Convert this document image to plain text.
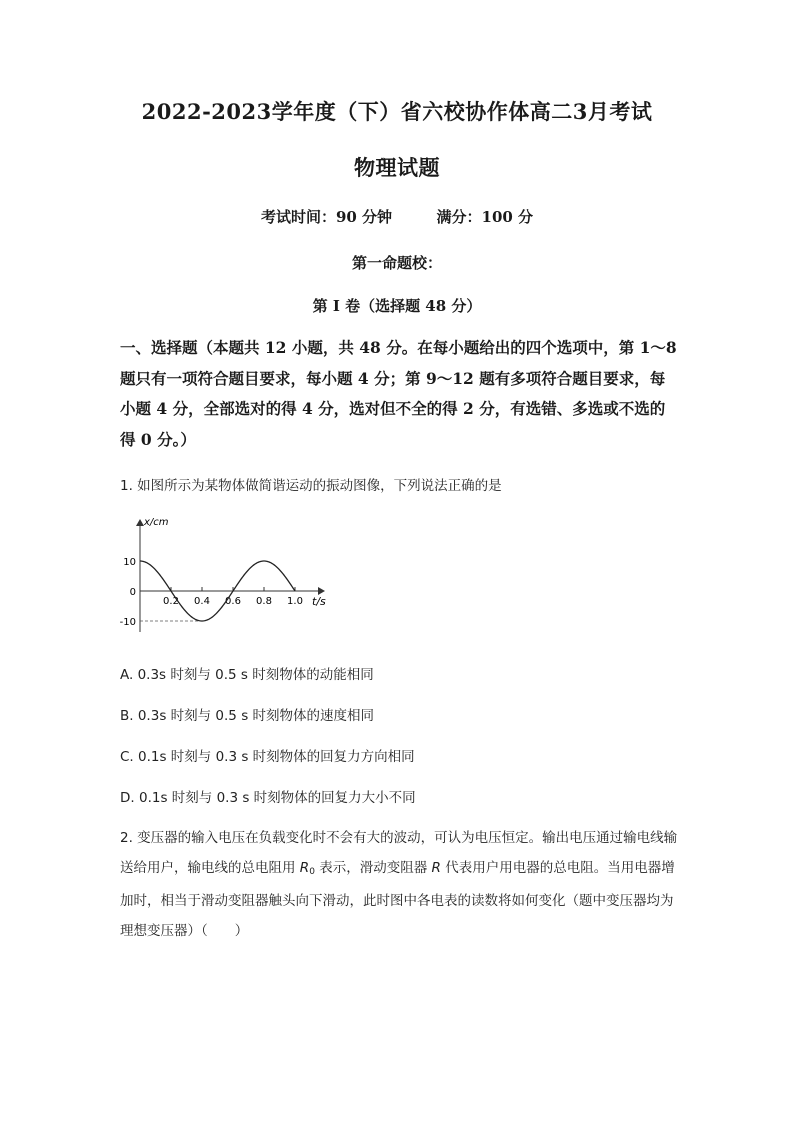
2022-2023学年度（下）省六校协作体高二3月考试
物理试题
考试时间：90 分钟	满分：100 分
第一命题校：
第 I 卷（选择题 48 分）
一、选择题（本题共 12 小题，共 48 分。在每小题给出的四个选项中，第 1～8 题只有一项符合题目要求，每小题 4 分；第 9～12 题有多项符合题目要求，每小题 4 分，全部选对的得 4 分，选对但不全的得 2 分，有选错、多选或不选的得 0 分。）
1. 如图所示为某物体做简谐运动的振动图像，下列说法正确的是
x/cm
t/s
10
0
-10
0.2 0.4 0.6 0.8 1.0
A. 0.3s 时刻与 0.5 s 时刻物体的动能相同
B. 0.3s 时刻与 0.5 s 时刻物体的速度相同
C. 0.1s 时刻与 0.3 s 时刻物体的回复力方向相同
D. 0.1s 时刻与 0.3 s 时刻物体的回复力大小不同
2. 变压器的输入电压在负载变化时不会有大的波动，可认为电压恒定。输出电压通过输电线输送给用户，输电线的总电阻用 $R_0$ 表示，滑动变阻器 R 代表用户用电器的总电阻。当用电器增加时，相当于滑动变阻器触头向下滑动，此时图中各电表的读数将如何变化（题中变压器均为理想变压器）（　　）
